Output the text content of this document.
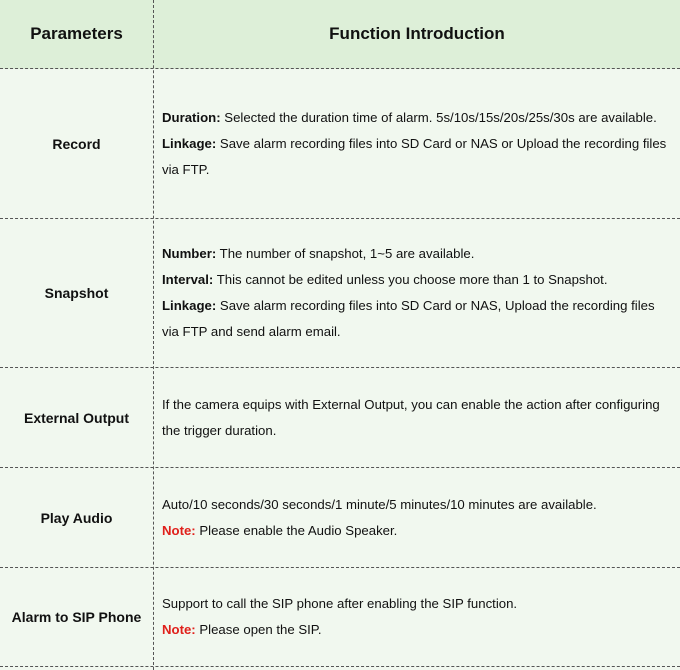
Parameters	Function Introduction
Record

Duration: Selected the duration time of alarm. 5s/10s/15s/20s/25s/30s are available.

Linkage: Save alarm recording files into SD Card or NAS or Upload the recording files via FTP.

Snapshot

Number: The number of snapshot, 1~5 are available.

Interval: This cannot be edited unless you choose more than 1 to Snapshot.

Linkage: Save alarm recording files into SD Card or NAS, Upload the recording files via FTP and send alarm email.

External Output

If the camera equips with External Output, you can enable the action after configuring the trigger duration.

Play Audio

Auto/10 seconds/30 seconds/1 minute/5 minutes/10 minutes are available.

Note: Please enable the Audio Speaker.

Alarm to SIP Phone

Support to call the SIP phone after enabling the SIP function.

Note: Please open the SIP.
